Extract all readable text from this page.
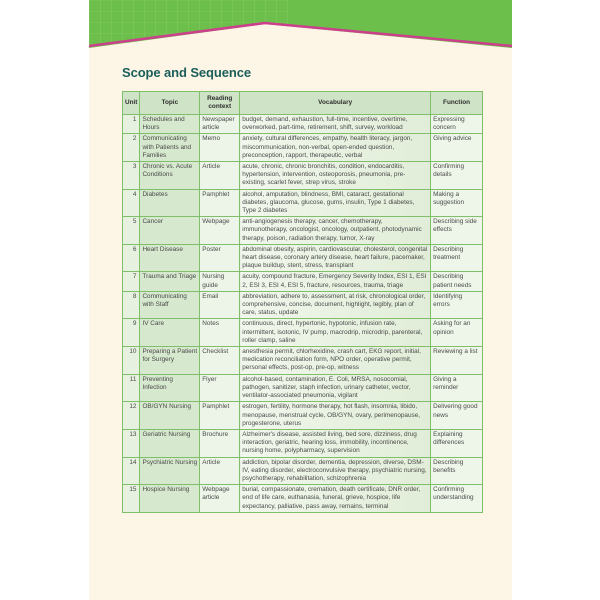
Scope and Sequence
Unit	Topic	Reading context	Vocabulary	Function
1	Schedules and Hours	Newspaper article	budget, demand, exhaustion, full-time, incentive, overtime, overworked, part-time, retirement, shift, survey, workload	Expressing concern
2	Communicating with Patients and Families	Memo	anxiety, cultural differences, empathy, health literacy, jargon, miscommunication, non-verbal, open-ended question, preconception, rapport, therapeutic, verbal	Giving advice
3	Chronic vs. Acute Conditions	Article	acute, chronic, chronic bronchitis, condition, endocarditis, hypertension, intervention, osteoporosis, pneumonia, pre-existing, scarlet fever, strep virus, stroke	Confirming details
4	Diabetes	Pamphlet	alcohol, amputation, blindness, BMI, cataract, gestational diabetes, glaucoma, glucose, gums, insulin, Type 1 diabetes, Type 2 diabetes	Making a suggestion
5	Cancer	Webpage	anti-angiogenesis therapy, cancer, chemotherapy, immunotherapy, oncologist, oncology, outpatient, photodynamic therapy, poison, radiation therapy, tumor, X-ray	Describing side effects
6	Heart Disease	Poster	abdominal obesity, aspirin, cardiovascular, cholesterol, congenital heart disease, coronary artery disease, heart failure, pacemaker, plaque buildup, stent, stress, transplant	Describing treatment
7	Trauma and Triage	Nursing guide	acuity, compound fracture, Emergency Severity Index, ESI 1, ESI 2, ESI 3, ESI 4, ESI 5, fracture, resources, trauma, triage	Describing patient needs
8	Communicating with Staff	Email	abbreviation, adhere to, assessment, at risk, chronological order, comprehensive, concise, document, highlight, legibly, plan of care, status, update	Identifying errors
9	IV Care	Notes	continuous, direct, hypertonic, hypotonic, infusion rate, intermittent, isotonic, IV pump, macrodrip, microdrip, parenteral, roller clamp, saline	Asking for an opinion
10	Preparing a Patient for Surgery	Checklist	anesthesia permit, chlorhexidine, crash cart, EKG report, initial, medication reconciliation form, NPO order, operative permit, personal effects, post-op, pre-op, witness	Reviewing a list
11	Preventing Infection	Flyer	alcohol-based, contamination, E. Coli, MRSA, nosocomial, pathogen, sanitizer, staph infection, urinary catheter, vector, ventilator-associated pneumonia, vigilant	Giving a reminder
12	OB/GYN Nursing	Pamphlet	estrogen, fertility, hormone therapy, hot flash, insomnia, libido, menopause, menstrual cycle, OB/GYN, ovary, perimenopause, progesterone, uterus	Delivering good news
13	Geriatric Nursing	Brochure	Alzheimer's disease, assisted living, bed sore, dizziness, drug interaction, geriatric, hearing loss, immobility, incontinence, nursing home, polypharmacy, supervision	Explaining differences
14	Psychiatric Nursing	Article	addiction, bipolar disorder, dementia, depression, diverse, DSM-IV, eating disorder, electroconvulsive therapy, psychiatric nursing, psychotherapy, rehabilitation, schizophrenia	Describing benefits
15	Hospice Nursing	Webpage article	burial, compassionate, cremation, death certificate, DNR order, end of life care, euthanasia, funeral, grieve, hospice, life expectancy, palliative, pass away, remains, terminal	Confirming understanding
